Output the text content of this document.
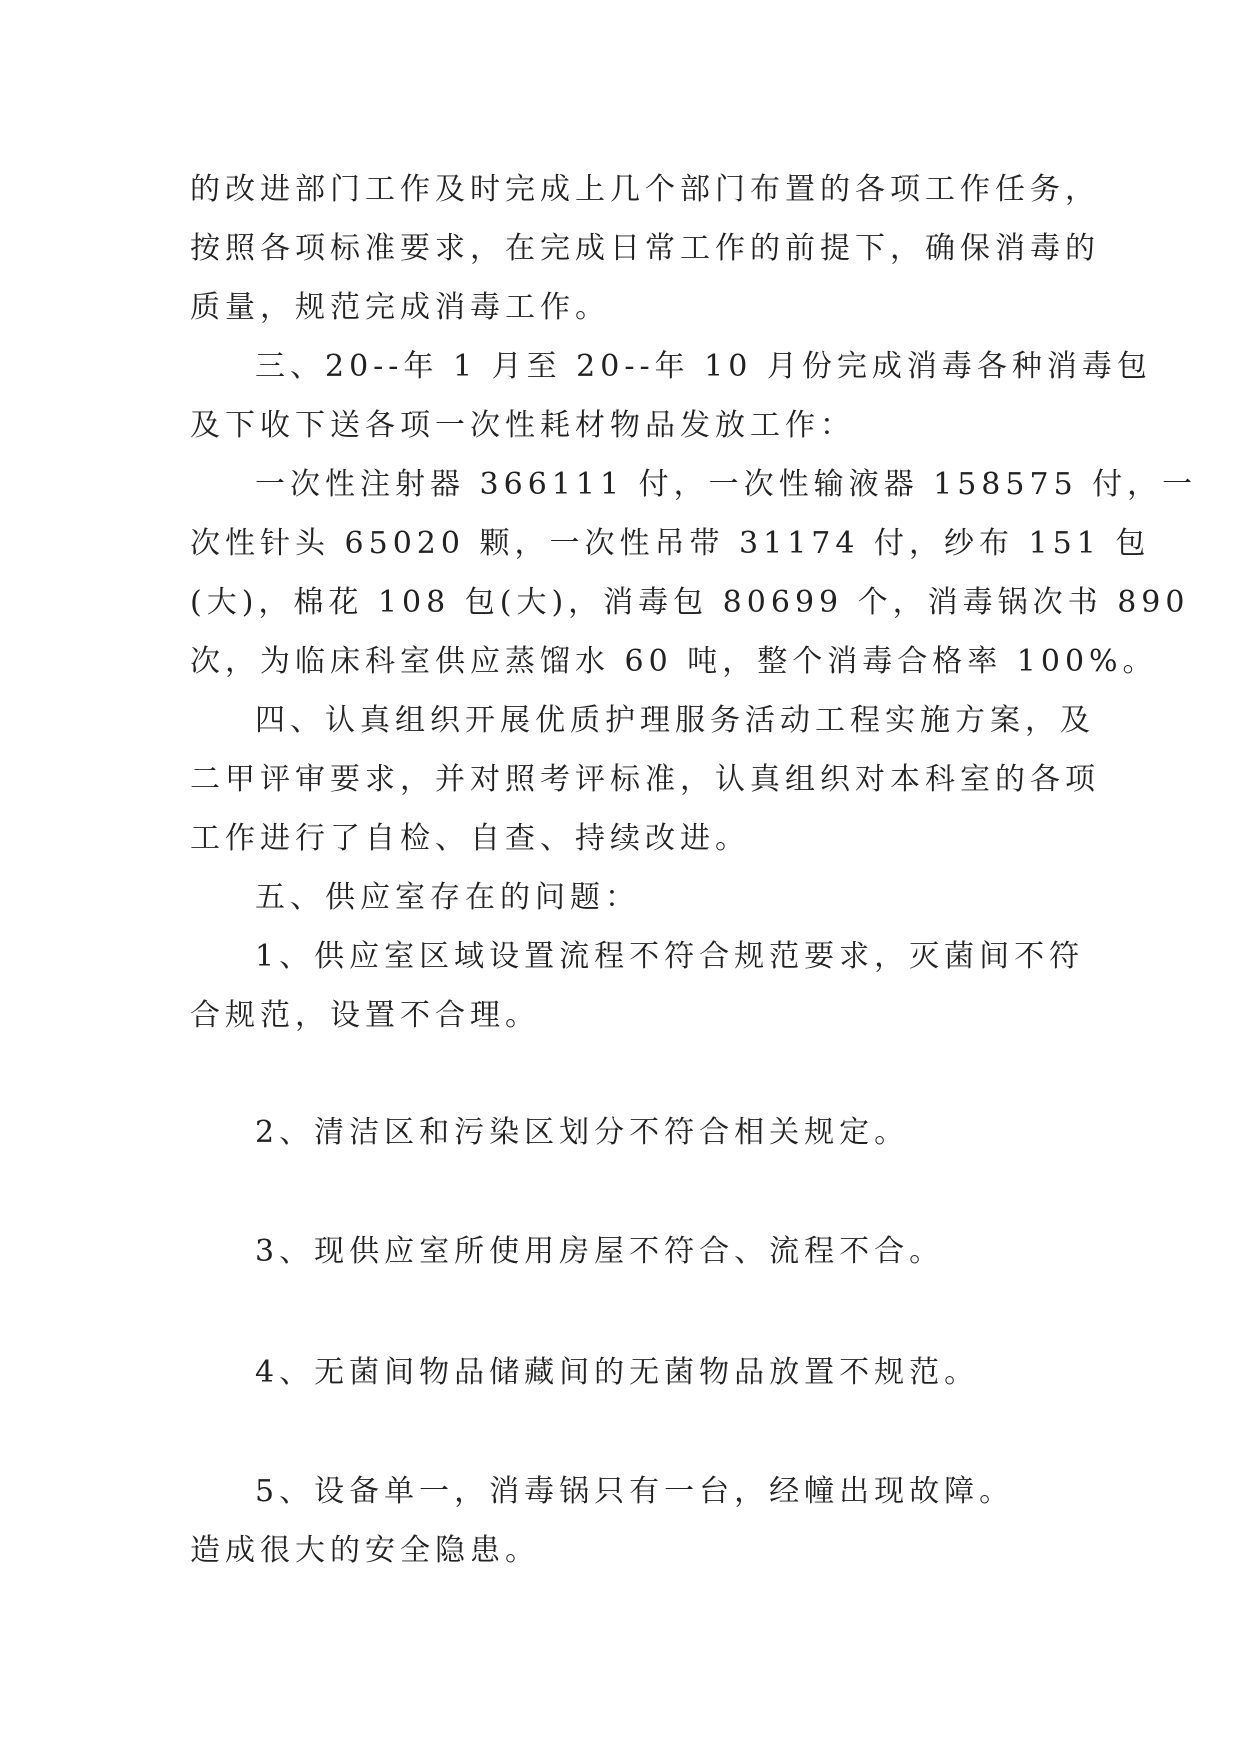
的改进部门工作及时完成上几个部门布置的各项工作任务，
按照各项标准要求，在完成日常工作的前提下，确保消毒的
质量，规范完成消毒工作。
三、20--年 1 月至 20--年 10 月份完成消毒各种消毒包
及下收下送各项一次性耗材物品发放工作：
一次性注射器 366111 付，一次性输液器 158575 付，一
次性针头 65020 颗，一次性吊带 31174 付，纱布 151 包
(大)，棉花 108 包(大)，消毒包 80699 个，消毒锅次书 890
次，为临床科室供应蒸馏水 60 吨，整个消毒合格率 100%。
四、认真组织开展优质护理服务活动工程实施方案，及
二甲评审要求，并对照考评标准，认真组织对本科室的各项
工作进行了自检、自查、持续改进。
五、供应室存在的问题：
1、供应室区域设置流程不符合规范要求，灭菌间不符
合规范，设置不合理。
2、清洁区和污染区划分不符合相关规定。
3、现供应室所使用房屋不符合、流程不合。
4、无菌间物品储藏间的无菌物品放置不规范。
5、设备单一，消毒锅只有一台，经幢出现故障。
造成很大的安全隐患。
